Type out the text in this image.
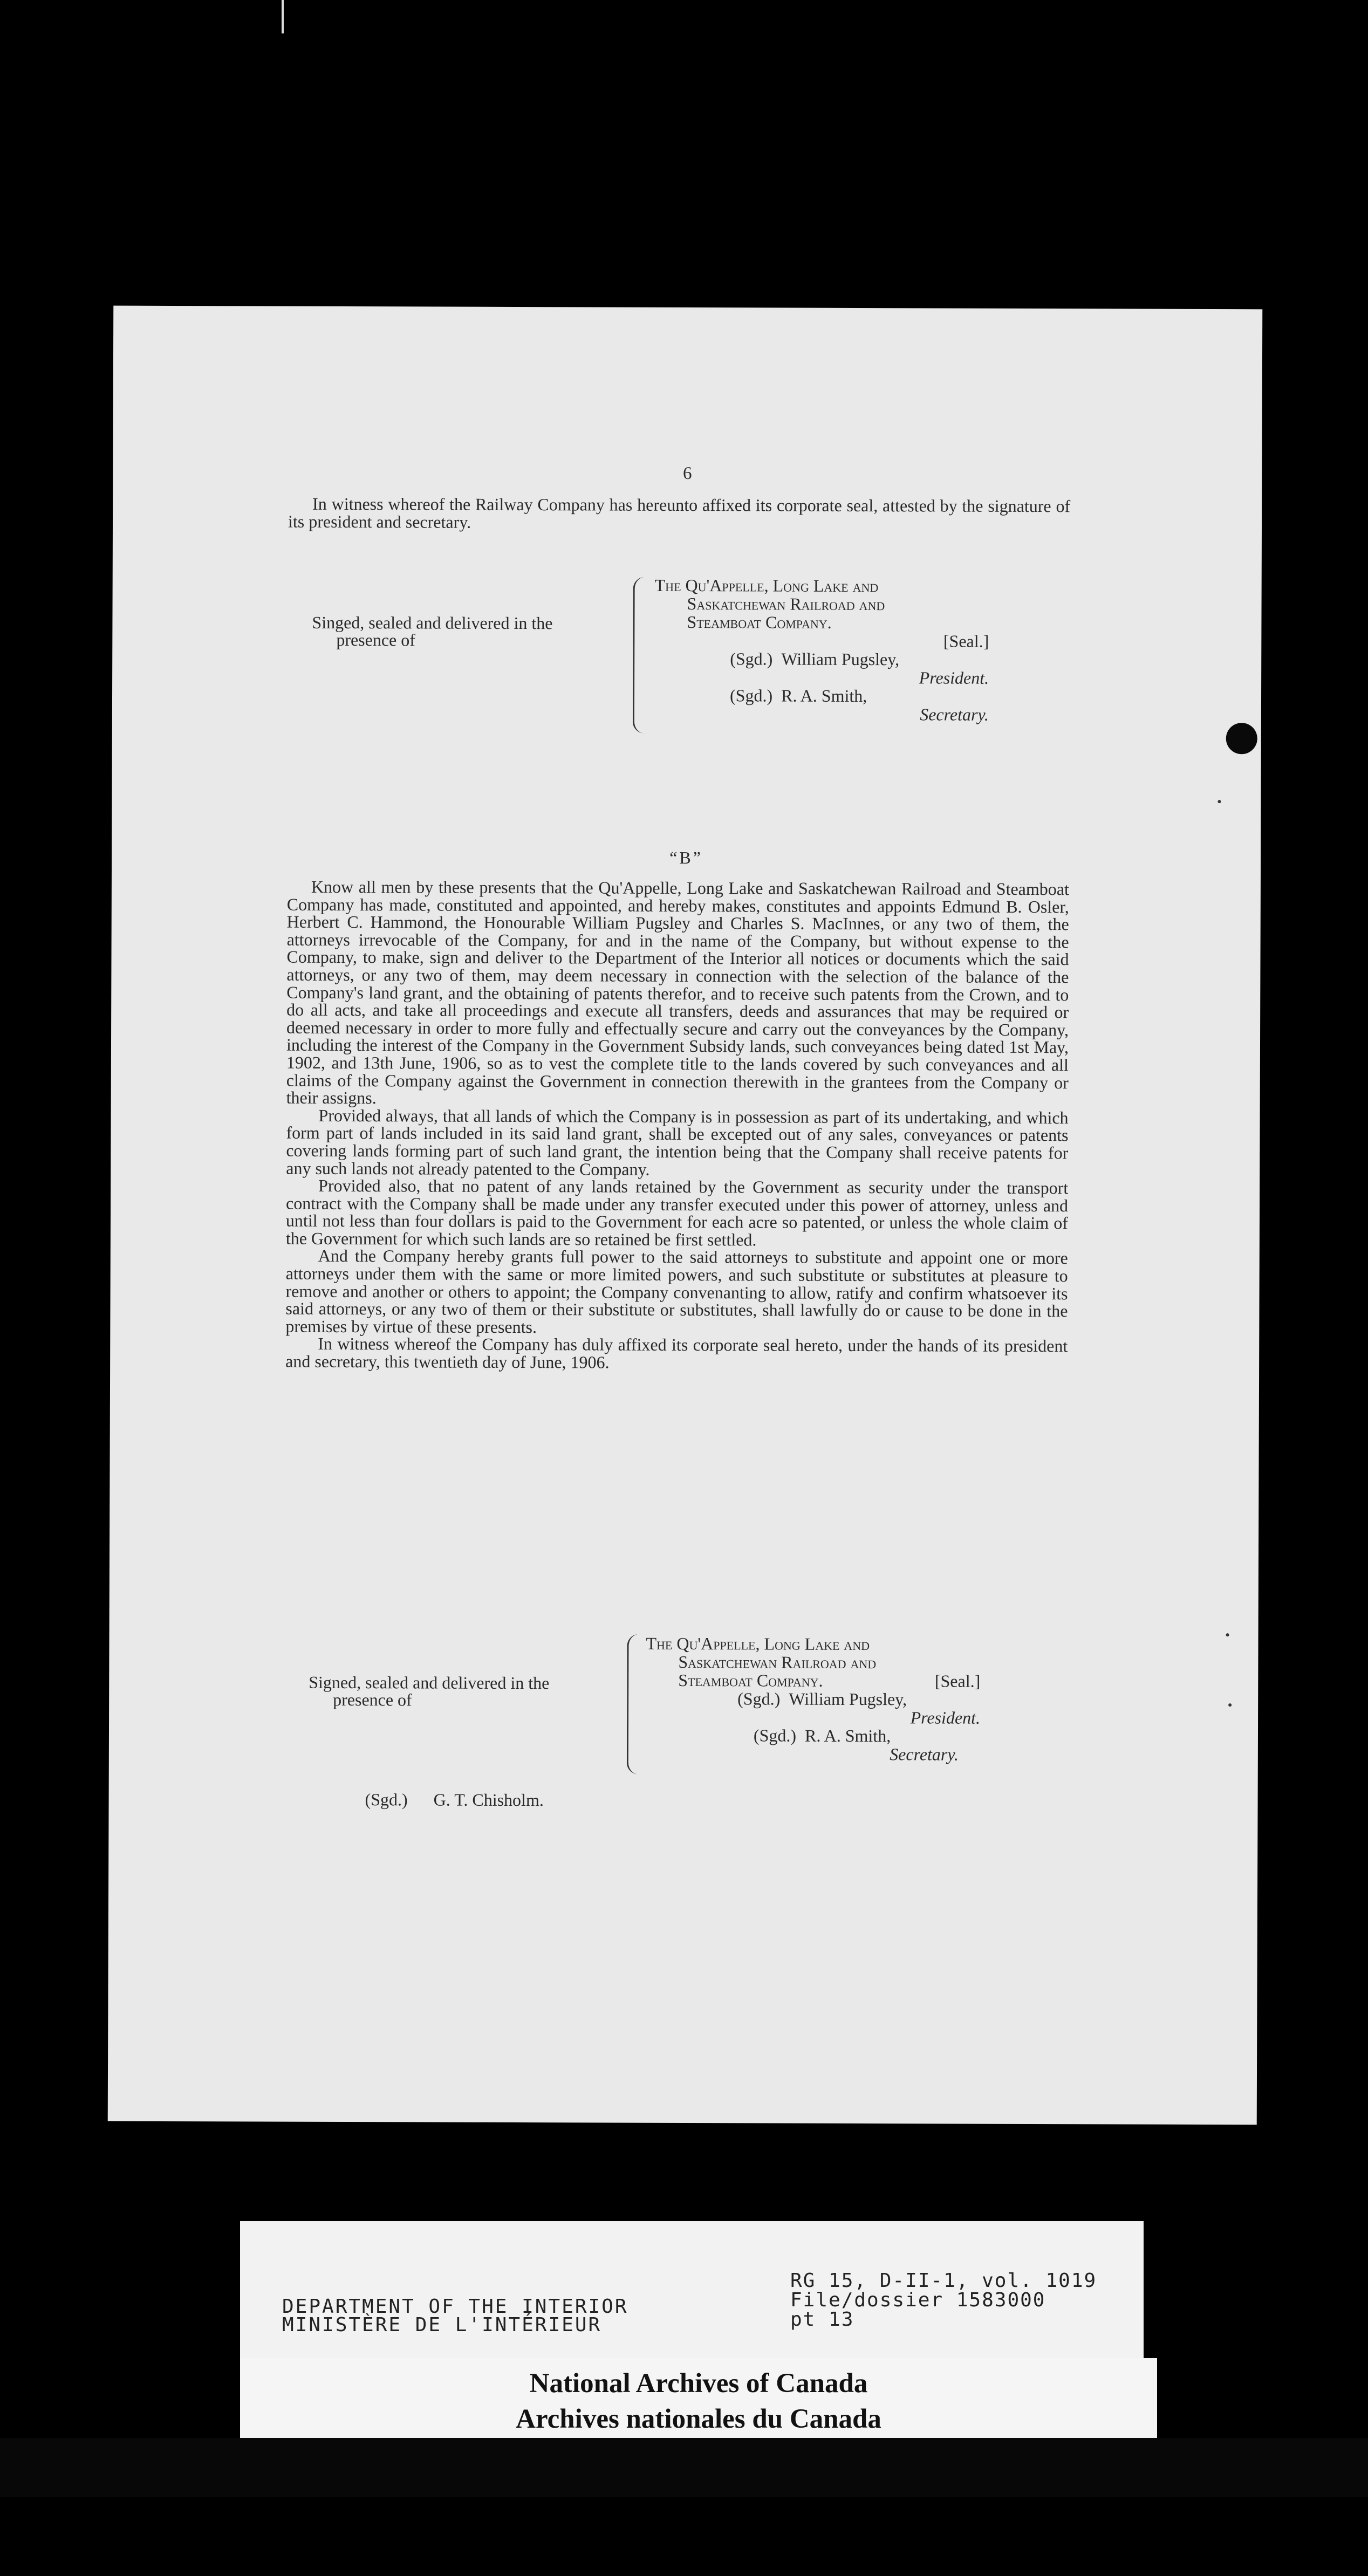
6

In witness whereof the Railway Company has hereunto affixed its corporate seal, attested by the signature of its president and secretary.

Singed, sealed and delivered in the
presence of
The Qu'Appelle, Long Lake and
Saskatchewan Railroad and
Steamboat Company.
[Seal.]
(Sgd.) William Pugsley,
President.
(Sgd.) R. A. Smith,
Secretary.
“B”

Know all men by these presents that the Qu'Appelle, Long Lake and Saskatchewan Railroad and Steamboat Company has made, constituted and appointed, and hereby makes, constitutes and appoints Edmund B. Osler, Herbert C. Hammond, the Honourable William Pugsley and Charles S. MacInnes, or any two of them, the attorneys irrevocable of the Company, for and in the name of the Company, but without expense to the Company, to make, sign and deliver to the Department of the Interior all notices or documents which the said attorneys, or any two of them, may deem necessary in connection with the selection of the balance of the Company's land grant, and the obtaining of patents therefor, and to receive such patents from the Crown, and to do all acts, and take all proceedings and execute all transfers, deeds and assurances that may be required or deemed necessary in order to more fully and effectually secure and carry out the conveyances by the Company, including the interest of the Company in the Government Subsidy lands, such conveyances being dated 1st May, 1902, and 13th June, 1906, so as to vest the complete title to the lands covered by such conveyances and all claims of the Company against the Government in connection therewith in the grantees from the Company or their assigns.

Provided always, that all lands of which the Company is in possession as part of its undertaking, and which form part of lands included in its said land grant, shall be excepted out of any sales, conveyances or patents covering lands forming part of such land grant, the intention being that the Company shall receive patents for any such lands not already patented to the Company.

Provided also, that no patent of any lands retained by the Government as security under the transport contract with the Company shall be made under any transfer executed under this power of attorney, unless and until not less than four dollars is paid to the Government for each acre so patented, or unless the whole claim of the Government for which such lands are so retained be first settled.

And the Company hereby grants full power to the said attorneys to substitute and appoint one or more attorneys under them with the same or more limited powers, and such substitute or substitutes at pleasure to remove and another or others to appoint; the Company convenanting to allow, ratify and confirm whatsoever its said attorneys, or any two of them or their substitute or substitutes, shall lawfully do or cause to be done in the premises by virtue of these presents.

In witness whereof the Company has duly affixed its corporate seal hereto, under the hands of its president and secretary, this twentieth day of June, 1906.

Signed, sealed and delivered in the
presence of
The Qu'Appelle, Long Lake and
Saskatchewan Railroad and
Steamboat Company.	[Seal.]
(Sgd.) William Pugsley,
President.
(Sgd.) R. A. Smith,
Secretary.
(Sgd.) G. T. Chisholm.
DEPARTMENT OF THE INTERIOR
MINISTÈRE DE L'INTÉRIEUR
RG 15, D-II-1, vol. 1019
File/dossier 1583000
pt 13
National Archives of Canada
Archives nationales du Canada
